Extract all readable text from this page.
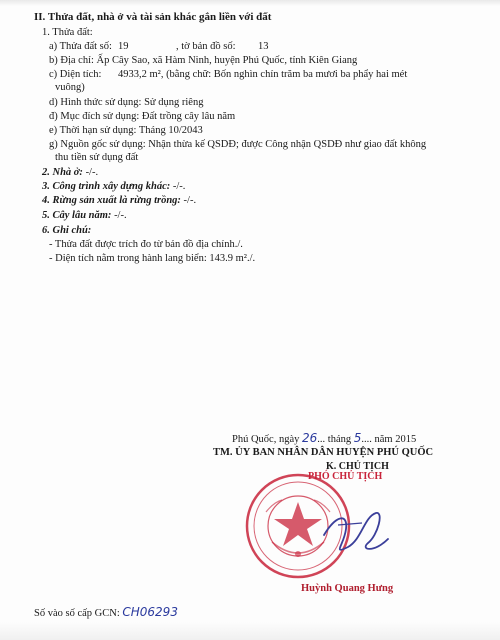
II. Thửa đất, nhà ở và tài sản khác gắn liền với đất
1. Thửa đất:
a) Thửa đất số: 19	, tờ bản đồ số: 13
b) Địa chỉ: Ấp Cây Sao, xã Hàm Ninh, huyện Phú Quốc, tỉnh Kiên Giang
c) Diện tích: 4933,2 m², (bằng chữ: Bốn nghìn chín trăm ba mươi ba phẩy hai mét
vuông)
d) Hình thức sử dụng: Sử dụng riêng
đ) Mục đích sử dụng: Đất trồng cây lâu năm
e) Thời hạn sử dụng: Tháng 10/2043
g) Nguồn gốc sử dụng: Nhận thừa kế QSDĐ; được Công nhận QSDĐ như giao đất không
thu tiền sử dụng đất
2. Nhà ở: -/-.
3. Công trình xây dựng khác: -/-.
4. Rừng sản xuất là rừng trồng: -/-.
5. Cây lâu năm: -/-.
6. Ghi chú:
- Thửa đất được trích đo từ bản đồ địa chính./.
- Diện tích nằm trong hành lang biển: 143.9 m²./.
Phú Quốc, ngày 26... tháng 5.... năm 2015
TM. ỦY BAN NHÂN DÂN HUYỆN PHÚ QUỐC
K. CHỦ TỊCH
PHÓ CHỦ TỊCH
Huỳnh Quang Hưng
Số vào số cấp GCN: CH06293
